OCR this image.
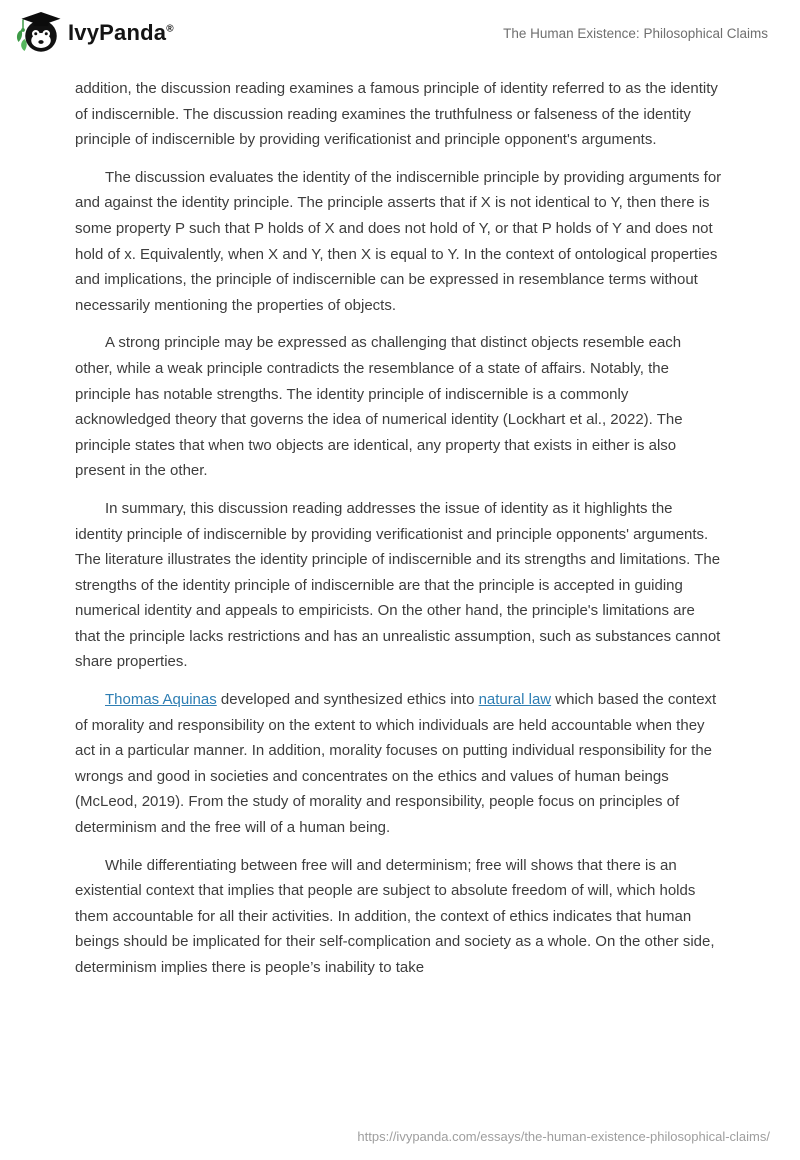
IvyPanda®	The Human Existence: Philosophical Claims

addition, the discussion reading examines a famous principle of identity referred to as the identity of indiscernible. The discussion reading examines the truthfulness or falseness of the identity principle of indiscernible by providing verificationist and principle opponent's arguments.

The discussion evaluates the identity of the indiscernible principle by providing arguments for and against the identity principle. The principle asserts that if X is not identical to Y, then there is some property P such that P holds of X and does not hold of Y, or that P holds of Y and does not hold of x. Equivalently, when X and Y, then X is equal to Y. In the context of ontological properties and implications, the principle of indiscernible can be expressed in resemblance terms without necessarily mentioning the properties of objects.

A strong principle may be expressed as challenging that distinct objects resemble each other, while a weak principle contradicts the resemblance of a state of affairs. Notably, the principle has notable strengths. The identity principle of indiscernible is a commonly acknowledged theory that governs the idea of numerical identity (Lockhart et al., 2022). The principle states that when two objects are identical, any property that exists in either is also present in the other.

In summary, this discussion reading addresses the issue of identity as it highlights the identity principle of indiscernible by providing verificationist and principle opponents' arguments. The literature illustrates the identity principle of indiscernible and its strengths and limitations. The strengths of the identity principle of indiscernible are that the principle is accepted in guiding numerical identity and appeals to empiricists. On the other hand, the principle's limitations are that the principle lacks restrictions and has an unrealistic assumption, such as substances cannot share properties.

Thomas Aquinas developed and synthesized ethics into natural law which based the context of morality and responsibility on the extent to which individuals are held accountable when they act in a particular manner. In addition, morality focuses on putting individual responsibility for the wrongs and good in societies and concentrates on the ethics and values of human beings (McLeod, 2019). From the study of morality and responsibility, people focus on principles of determinism and the free will of a human being.

While differentiating between free will and determinism; free will shows that there is an existential context that implies that people are subject to absolute freedom of will, which holds them accountable for all their activities. In addition, the context of ethics indicates that human beings should be implicated for their self-complication and society as a whole. On the other side, determinism implies there is people’s inability to take

https://ivypanda.com/essays/the-human-existence-philosophical-claims/
